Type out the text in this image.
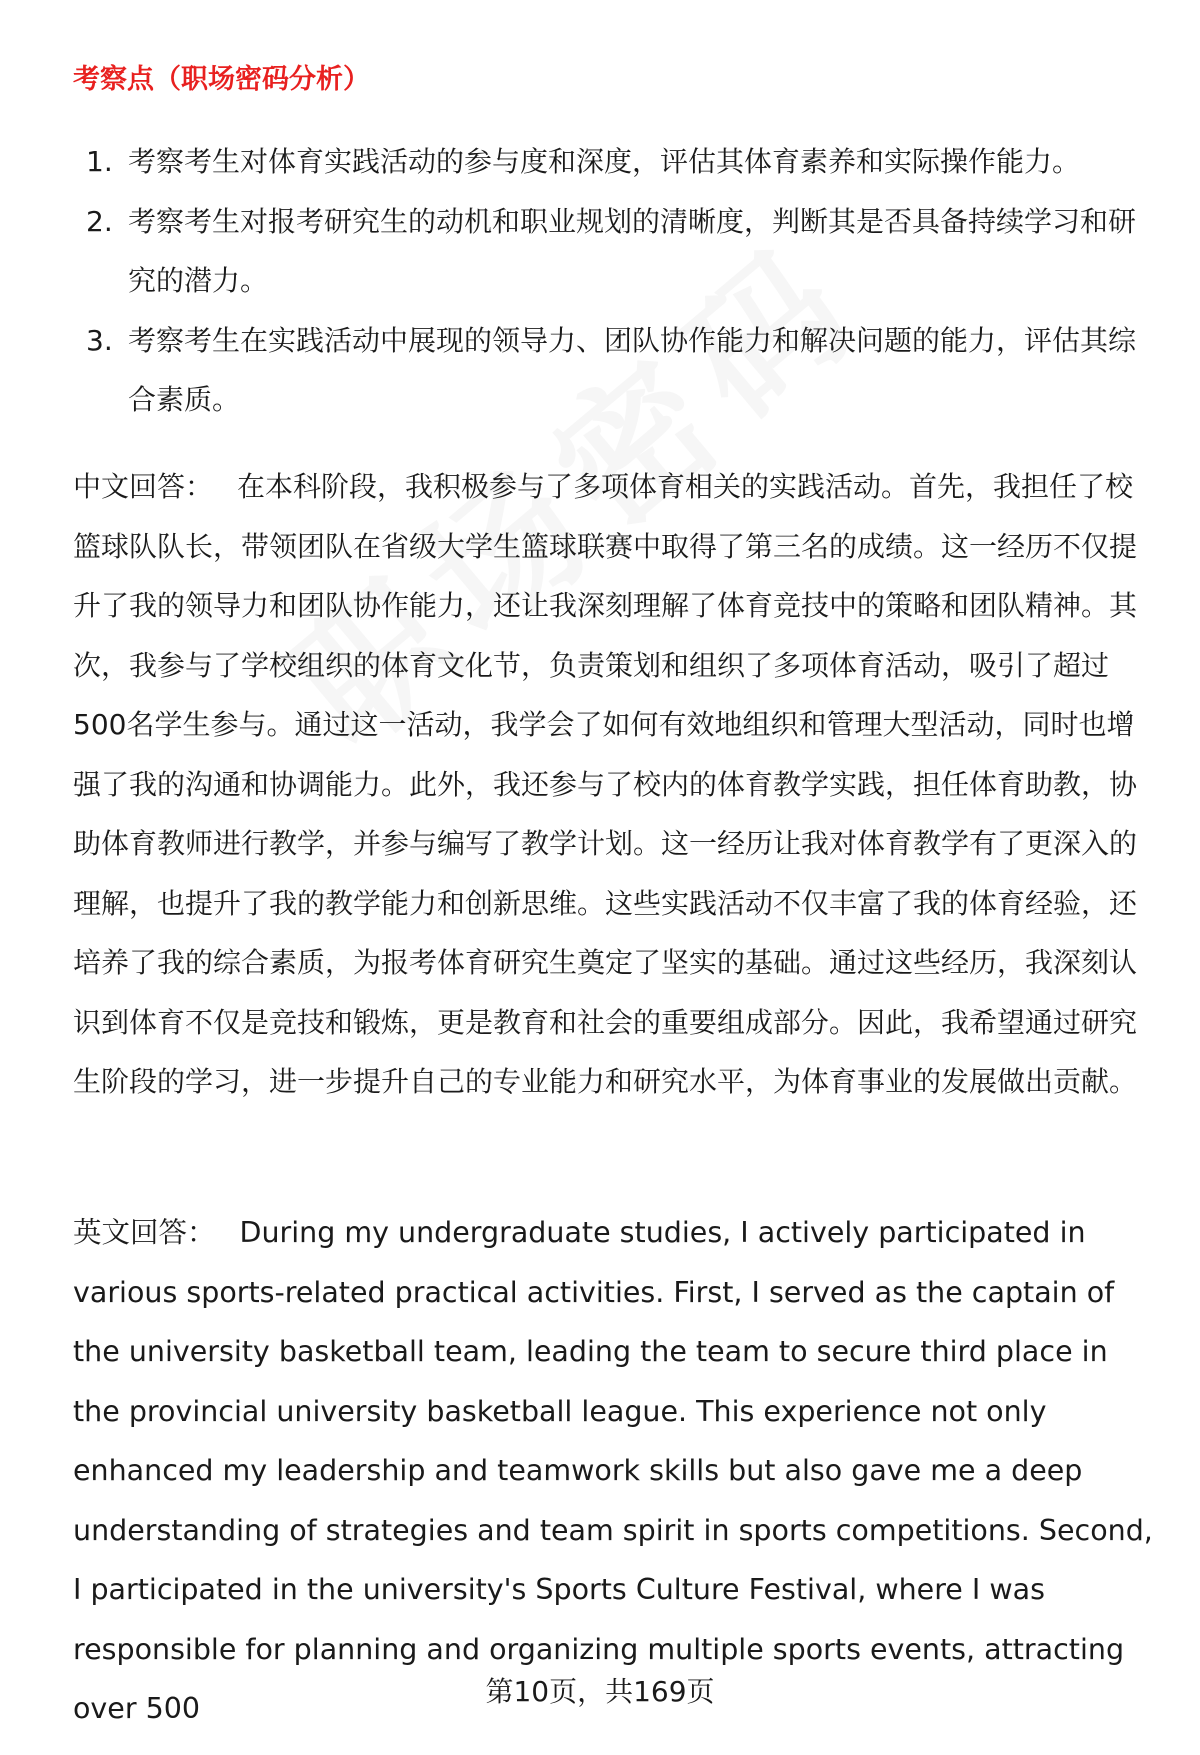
考察点（职场密码分析）
1. 考察考生对体育实践活动的参与度和深度，评估其体育素养和实际操作能力。
2. 考察考生对报考研究生的动机和职业规划的清晰度，判断其是否具备持续学习和研究的潜力。
3. 考察考生在实践活动中展现的领导力、团队协作能力和解决问题的能力，评估其综合素质。

中文回答： 在本科阶段，我积极参与了多项体育相关的实践活动。首先，我担任了校篮球队队长，带领团队在省级大学生篮球联赛中取得了第三名的成绩。这一经历不仅提升了我的领导力和团队协作能力，还让我深刻理解了体育竞技中的策略和团队精神。其次，我参与了学校组织的体育文化节，负责策划和组织了多项体育活动，吸引了超过500名学生参与。通过这一活动，我学会了如何有效地组织和管理大型活动，同时也增强了我的沟通和协调能力。此外，我还参与了校内的体育教学实践，担任体育助教，协助体育教师进行教学，并参与编写了教学计划。这一经历让我对体育教学有了更深入的理解，也提升了我的教学能力和创新思维。这些实践活动不仅丰富了我的体育经验，还培养了我的综合素质，为报考体育研究生奠定了坚实的基础。通过这些经历，我深刻认识到体育不仅是竞技和锻炼，更是教育和社会的重要组成部分。因此，我希望通过研究生阶段的学习，进一步提升自己的专业能力和研究水平，为体育事业的发展做出贡献。

英文回答： During my undergraduate studies, I actively participated in various sports-related practical activities. First, I served as the captain of the university basketball team, leading the team to secure third place in the provincial university basketball league. This experience not only enhanced my leadership and teamwork skills but also gave me a deep understanding of strategies and team spirit in sports competitions. Second, I participated in the university's Sports Culture Festival, where I was responsible for planning and organizing multiple sports events, attracting over 500

第10页，共169页
